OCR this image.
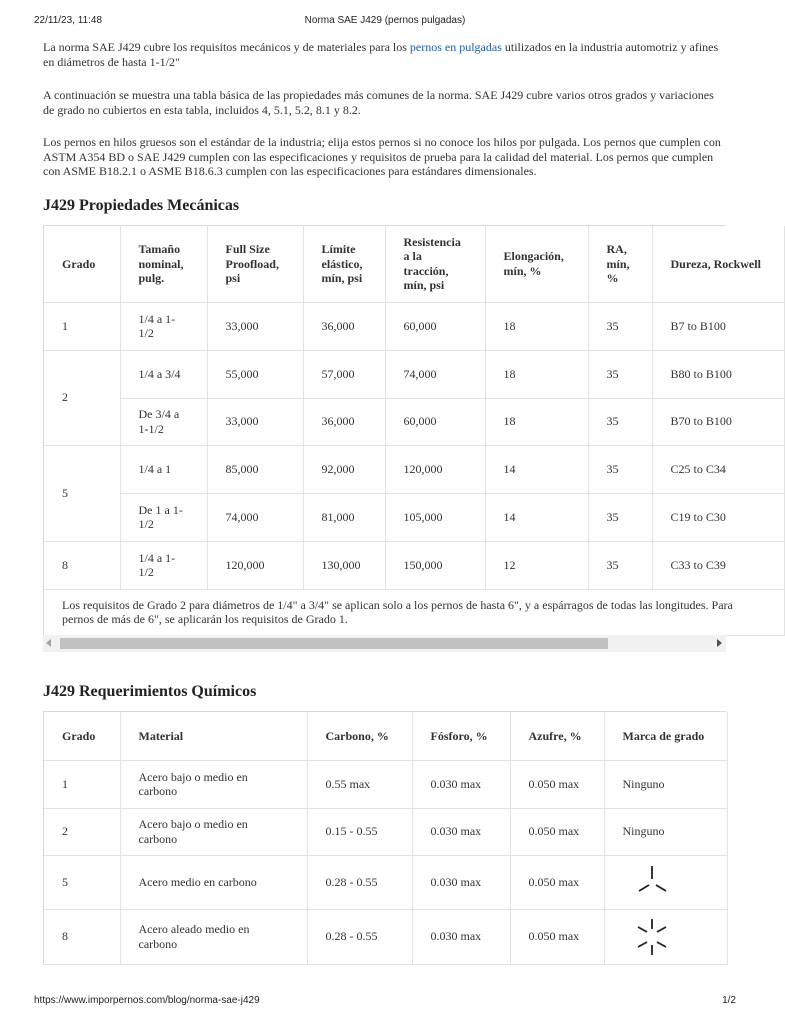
22/11/23, 11:48	Norma SAE J429 (pernos pulgadas)

La norma SAE J429 cubre los requisitos mecánicos y de materiales para los pernos en pulgadas utilizados en la industria automotriz y afines en diámetros de hasta 1-1/2"

A continuación se muestra una tabla básica de las propiedades más comunes de la norma. SAE J429 cubre varios otros grados y variaciones de grado no cubiertos en esta tabla, incluidos 4, 5.1, 5.2, 8.1 y 8.2.

Los pernos en hilos gruesos son el estándar de la industria; elija estos pernos si no conoce los hilos por pulgada. Los pernos que cumplen con ASTM A354 BD o SAE J429 cumplen con las especificaciones y requisitos de prueba para la calidad del material. Los pernos que cumplen con ASME B18.2.1 o ASME B18.6.3 cumplen con las especificaciones para estándares dimensionales.

J429 Propiedades Mecánicas
Grado	Tamaño nominal, pulg.	Full Size Proofload, psi	Límite elástico, mín, psi	Resistencia a la tracción, mín, psi	Elongación, mín, %	RA, mín, %	Dureza, Rockwell
1	1/4 a 1-1/2	33,000	36,000	60,000	18	35	B7 to B100
2	1/4 a 3/4	55,000	57,000	74,000	18	35	B80 to B100
	De 3/4 a 1-1/2	33,000	36,000	60,000	18	35	B70 to B100
5	1/4 a 1	85,000	92,000	120,000	14	35	C25 to C34
	De 1 a 1-1/2	74,000	81,000	105,000	14	35	C19 to C30
8	1/4 a 1-1/2	120,000	130,000	150,000	12	35	C33 to C39
Los requisitos de Grado 2 para diámetros de 1/4" a 3/4" se aplican solo a los pernos de hasta 6", y a espárragos de todas las longitudes. Para pernos de más de 6", se aplicarán los requisitos de Grado 1.							
J429 Requerimientos Químicos
Grado	Material	Carbono, %	Fósforo, %	Azufre, %	Marca de grado
1	Acero bajo o medio en carbono	0.55 max	0.030 max	0.050 max	Ninguno
2	Acero bajo o medio en carbono	0.15 - 0.55	0.030 max	0.050 max	Ninguno
5	Acero medio en carbono	0.28 - 0.55	0.030 max	0.050 max	

8	Acero aleado medio en carbono	0.28 - 0.55	0.030 max	0.050 max	
https://www.imporpernos.com/blog/norma-sae-j429	1/2
